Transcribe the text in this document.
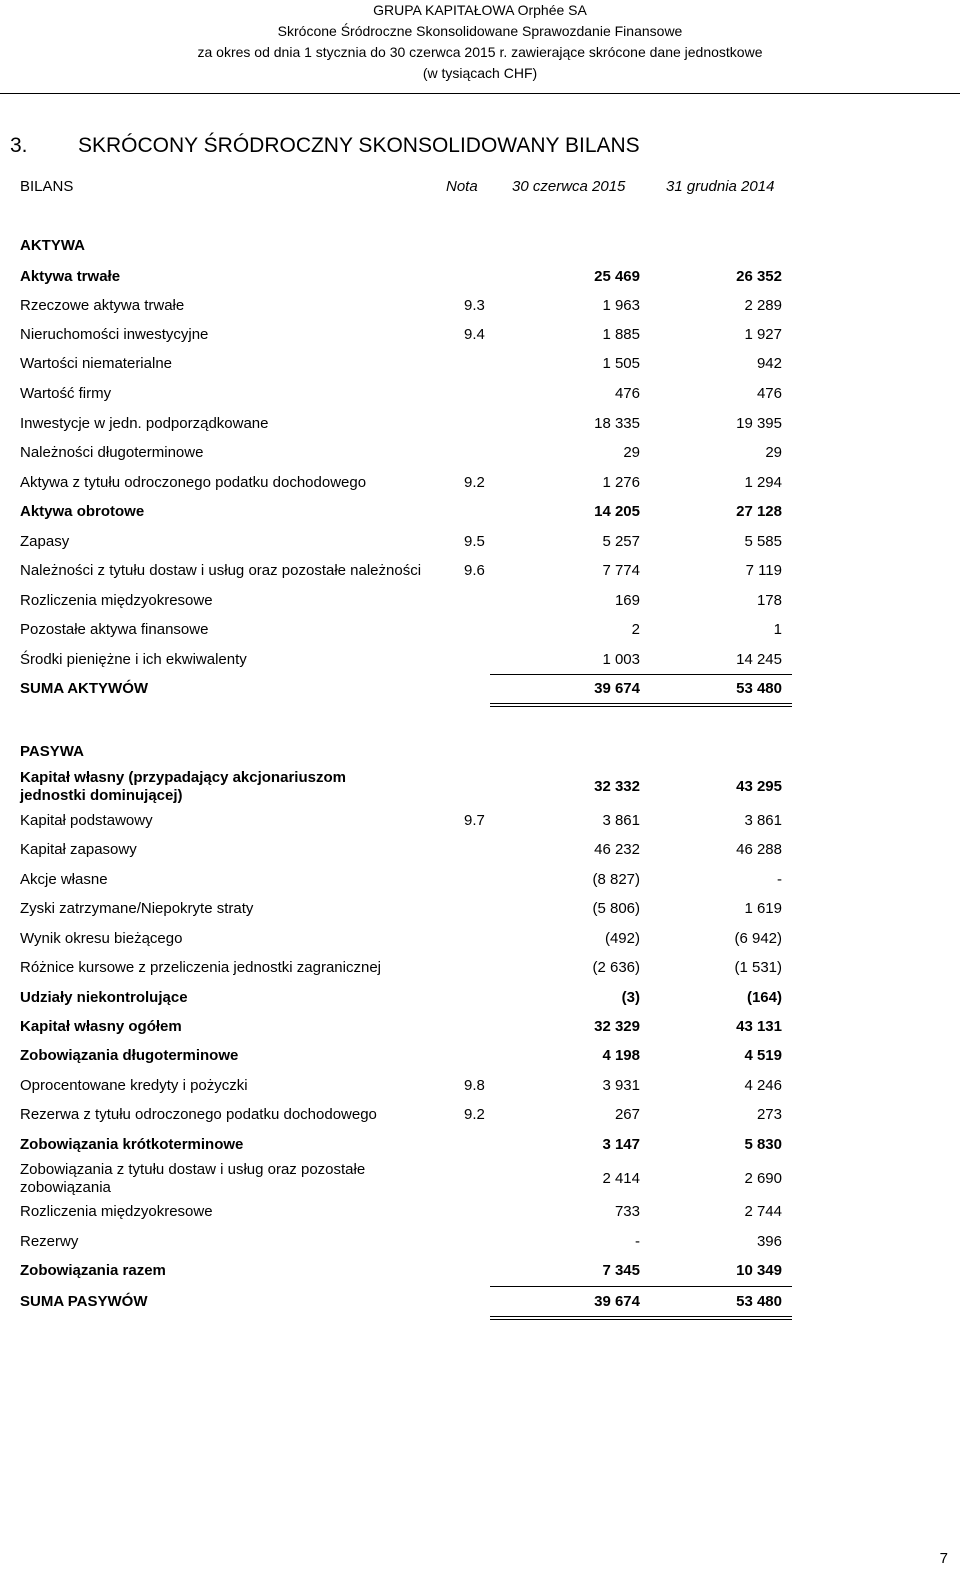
GRUPA KAPITAŁOWA Orphée SA
Skrócone Śródroczne Skonsolidowane Sprawozdanie Finansowe
za okres od dnia 1 stycznia do 30 czerwca 2015 r. zawierające skrócone dane jednostkowe
(w tysiącach CHF)
3. SKRÓCONY ŚRÓDROCZNY SKONSOLIDOWANY BILANS
BILANS	Nota 30 czerwca 2015	31 grudnia 2014
AKTYWA
Aktywa trwałe	25 469	26 352
Rzeczowe aktywa trwałe	9.3	1 963	2 289
Nieruchomości inwestycyjne	9.4	1 885	1 927
Wartości niematerialne	1 505	942
Wartość firmy	476	476
Inwestycje w jedn. podporządkowane	18 335	19 395
Należności długoterminowe	29	29
Aktywa z tytułu odroczonego podatku dochodowego	9.2	1 276	1 294
Aktywa obrotowe	14 205	27 128
Zapasy	9.5	5 257	5 585
Należności z tytułu dostaw i usług oraz pozostałe należności	9.6	7 774	7 119
Rozliczenia międzyokresowe	169	178
Pozostałe aktywa finansowe	2	1
Środki pieniężne i ich ekwiwalenty	1 003	14 245
SUMA AKTYWÓW	39 674	53 480
PASYWA
Kapitał własny (przypadający akcjonariuszom jednostki dominującej)
32 332	43 295
Kapitał podstawowy	9.7	3 861	3 861
Kapitał zapasowy	46 232	46 288
Akcje własne	(8 827)	-
Zyski zatrzymane/Niepokryte straty	(5 806)	1 619
Wynik okresu bieżącego	(492)	(6 942)
Różnice kursowe z przeliczenia jednostki zagranicznej	(2 636)	(1 531)
Udziały niekontrolujące	(3)	(164)
Kapitał własny ogółem	32 329	43 131
Zobowiązania długoterminowe	4 198	4 519
Oprocentowane kredyty i pożyczki	9.8	3 931	4 246
Rezerwa z tytułu odroczonego podatku dochodowego	9.2	267	273
Zobowiązania krótkoterminowe	3 147	5 830
Zobowiązania z tytułu dostaw i usług oraz pozostałe zobowiązania
2 414	2 690
Rozliczenia międzyokresowe	733	2 744
Rezerwy	-	396
Zobowiązania razem	7 345	10 349
SUMA PASYWÓW	39 674	53 480
7
